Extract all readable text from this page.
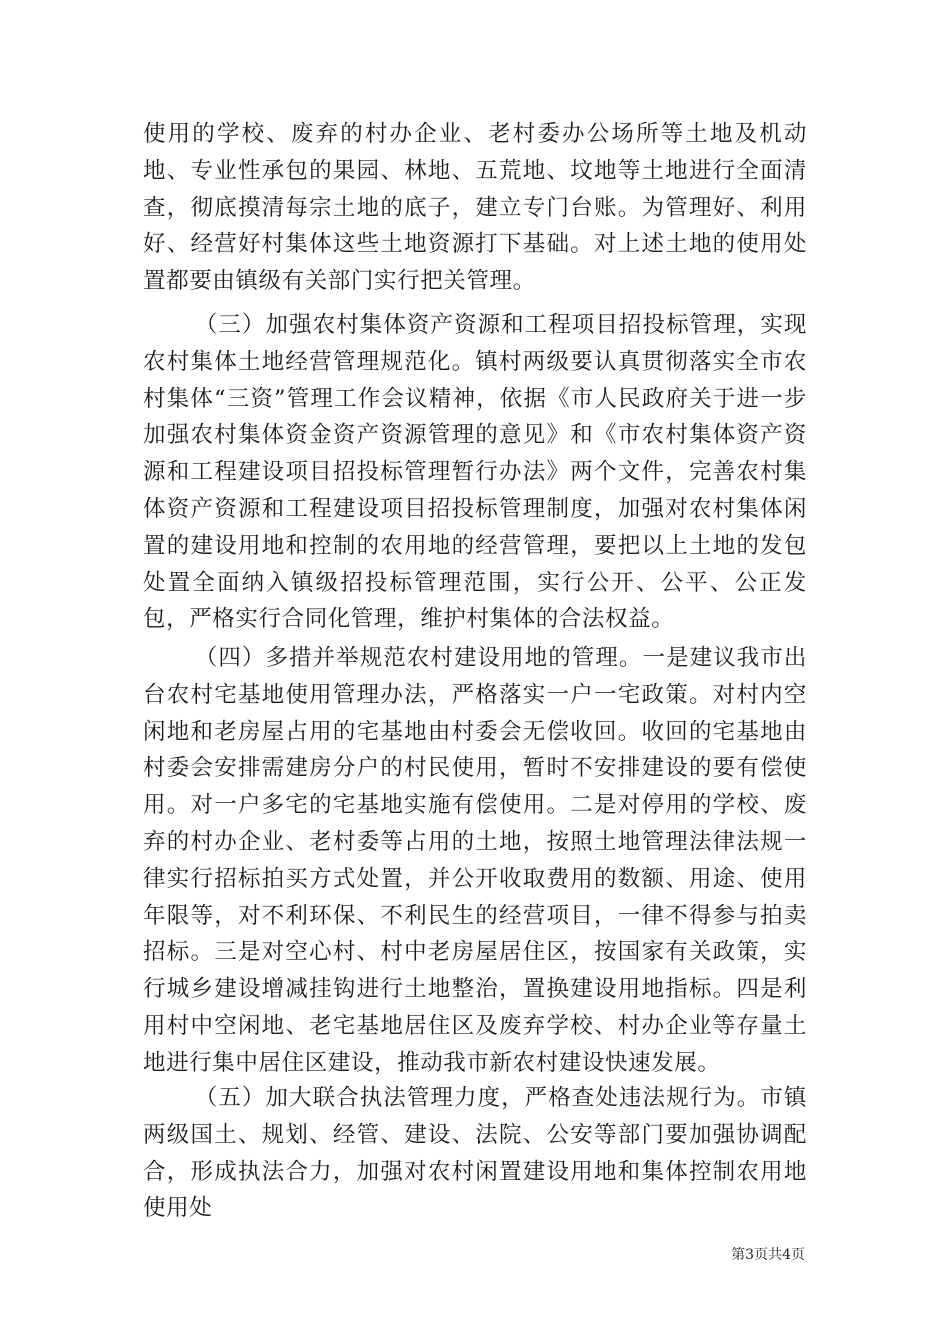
使用的学校、废弃的村办企业、老村委办公场所等土地及机动地、专业性承包的果园、林地、五荒地、坟地等土地进行全面清查，彻底摸清每宗土地的底子，建立专门台账。为管理好、利用好、经营好村集体这些土地资源打下基础。对上述土地的使用处置都要由镇级有关部门实行把关管理。

（三）加强农村集体资产资源和工程项目招投标管理，实现农村集体土地经营管理规范化。镇村两级要认真贯彻落实全市农村集体“三资”管理工作会议精神，依据《市人民政府关于进一步加强农村集体资金资产资源管理的意见》和《市农村集体资产资源和工程建设项目招投标管理暂行办法》两个文件，完善农村集体资产资源和工程建设项目招投标管理制度，加强对农村集体闲置的建设用地和控制的农用地的经营管理，要把以上土地的发包处置全面纳入镇级招投标管理范围，实行公开、公平、公正发包，严格实行合同化管理，维护村集体的合法权益。

（四）多措并举规范农村建设用地的管理。一是建议我市出台农村宅基地使用管理办法，严格落实一户一宅政策。对村内空闲地和老房屋占用的宅基地由村委会无偿收回。收回的宅基地由村委会安排需建房分户的村民使用，暂时不安排建设的要有偿使用。对一户多宅的宅基地实施有偿使用。二是对停用的学校、废弃的村办企业、老村委等占用的土地，按照土地管理法律法规一律实行招标拍买方式处置，并公开收取费用的数额、用途、使用年限等，对不利环保、不利民生的经营项目，一律不得参与拍卖招标。三是对空心村、村中老房屋居住区，按国家有关政策，实行城乡建设增减挂钩进行土地整治，置换建设用地指标。四是利用村中空闲地、老宅基地居住区及废弃学校、村办企业等存量土地进行集中居住区建设，推动我市新农村建设快速发展。

（五）加大联合执法管理力度，严格查处违法规行为。市镇两级国土、规划、经管、建设、法院、公安等部门要加强协调配合，形成执法合力，加强对农村闲置建设用地和集体控制农用地使用处

第3页共4页
